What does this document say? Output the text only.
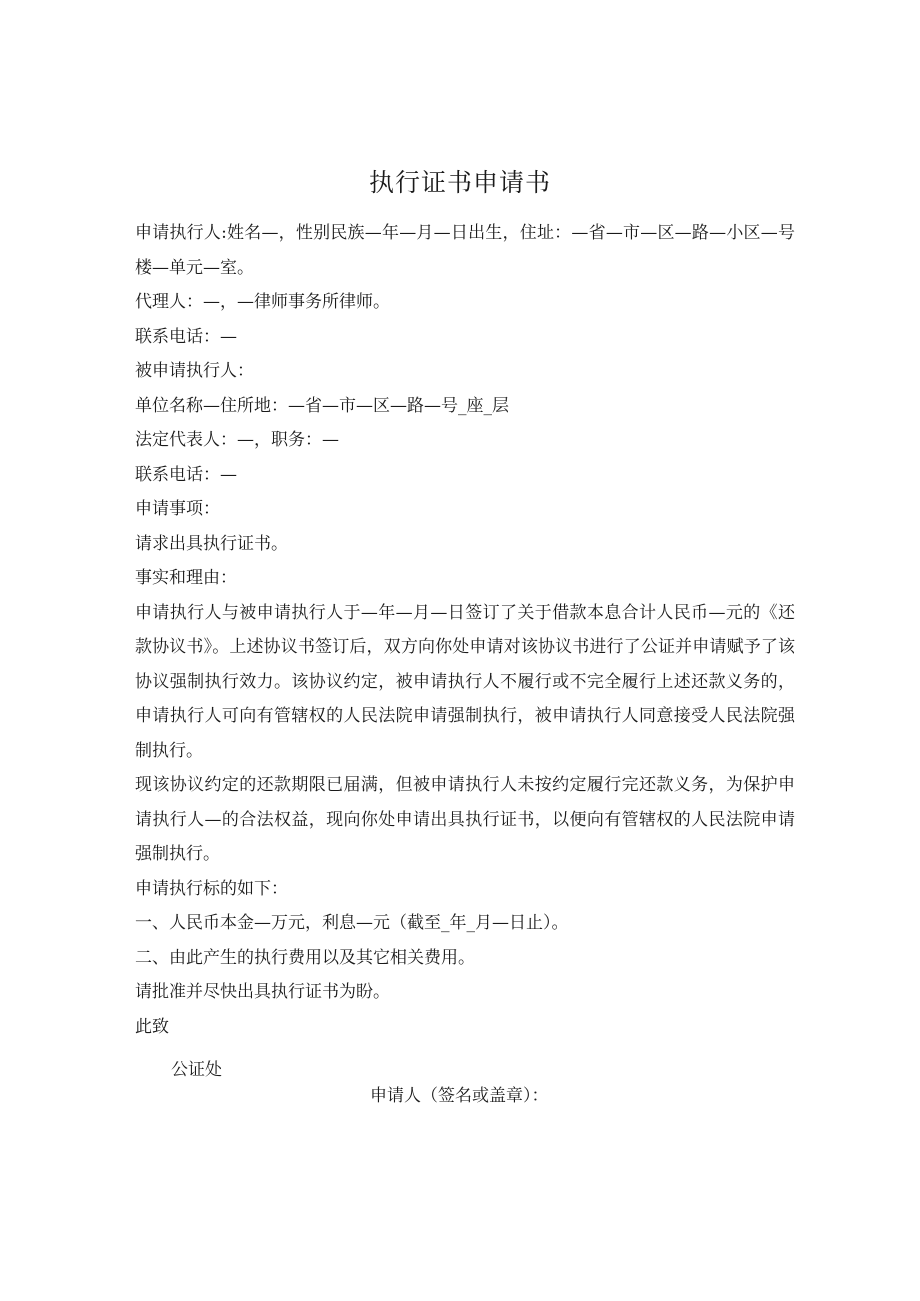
执行证书申请书

申请执行人:姓名—，性别民族—年—月—日出生，住址：—省—市—区—路—小区—号楼—单元—室。

代理人：—，—律师事务所律师。

联系电话：—

被申请执行人：

单位名称—住所地：—省—市—区—路—号_座_层

法定代表人：—，职务：—

联系电话：—

申请事项：

请求出具执行证书。

事实和理由：

申请执行人与被申请执行人于—年—月—日签订了关于借款本息合计人民币—元的《还款协议书》。上述协议书签订后，双方向你处申请对该协议书进行了公证并申请赋予了该协议强制执行效力。该协议约定，被申请执行人不履行或不完全履行上述还款义务的，申请执行人可向有管辖权的人民法院申请强制执行，被申请执行人同意接受人民法院强制执行。

现该协议约定的还款期限已届满，但被申请执行人未按约定履行完还款义务，为保护申请执行人—的合法权益，现向你处申请出具执行证书，以便向有管辖权的人民法院申请强制执行。

申请执行标的如下：

一、人民币本金—万元，利息—元（截至_年_月—日止）。

二、由此产生的执行费用以及其它相关费用。

请批准并尽快出具执行证书为盼。

此致

公证处
申请人（签名或盖章）：
